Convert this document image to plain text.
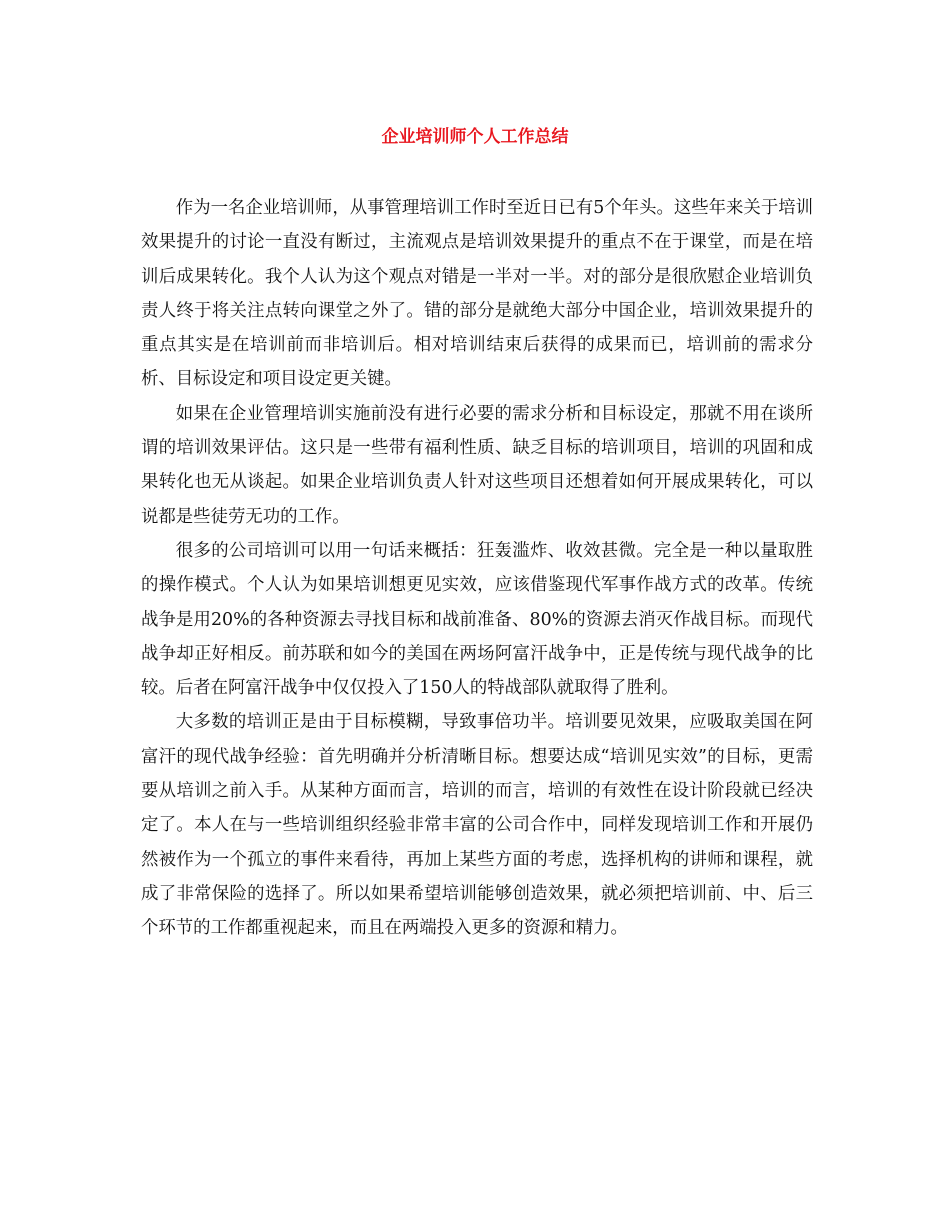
企业培训师个人工作总结

作为一名企业培训师，从事管理培训工作时至近日已有5个年头。这些年来关于培训效果提升的讨论一直没有断过，主流观点是培训效果提升的重点不在于课堂，而是在培训后成果转化。我个人认为这个观点对错是一半对一半。对的部分是很欣慰企业培训负责人终于将关注点转向课堂之外了。错的部分是就绝大部分中国企业，培训效果提升的重点其实是在培训前而非培训后。相对培训结束后获得的成果而已，培训前的需求分析、目标设定和项目设定更关键。

如果在企业管理培训实施前没有进行必要的需求分析和目标设定，那就不用在谈所谓的培训效果评估。这只是一些带有福利性质、缺乏目标的培训项目，培训的巩固和成果转化也无从谈起。如果企业培训负责人针对这些项目还想着如何开展成果转化，可以说都是些徒劳无功的工作。

很多的公司培训可以用一句话来概括：狂轰滥炸、收效甚微。完全是一种以量取胜的操作模式。个人认为如果培训想更见实效，应该借鉴现代军事作战方式的改革。传统战争是用20%的各种资源去寻找目标和战前准备、80%的资源去消灭作战目标。而现代战争却正好相反。前苏联和如今的美国在两场阿富汗战争中，正是传统与现代战争的比较。后者在阿富汗战争中仅仅投入了150人的特战部队就取得了胜利。

大多数的培训正是由于目标模糊，导致事倍功半。培训要见效果，应吸取美国在阿富汗的现代战争经验：首先明确并分析清晰目标。想要达成“培训见实效”的目标，更需要从培训之前入手。从某种方面而言，培训的而言，培训的有效性在设计阶段就已经决定了。本人在与一些培训组织经验非常丰富的公司合作中，同样发现培训工作和开展仍然被作为一个孤立的事件来看待，再加上某些方面的考虑，选择机构的讲师和课程，就成了非常保险的选择了。所以如果希望培训能够创造效果，就必须把培训前、中、后三个环节的工作都重视起来，而且在两端投入更多的资源和精力。
